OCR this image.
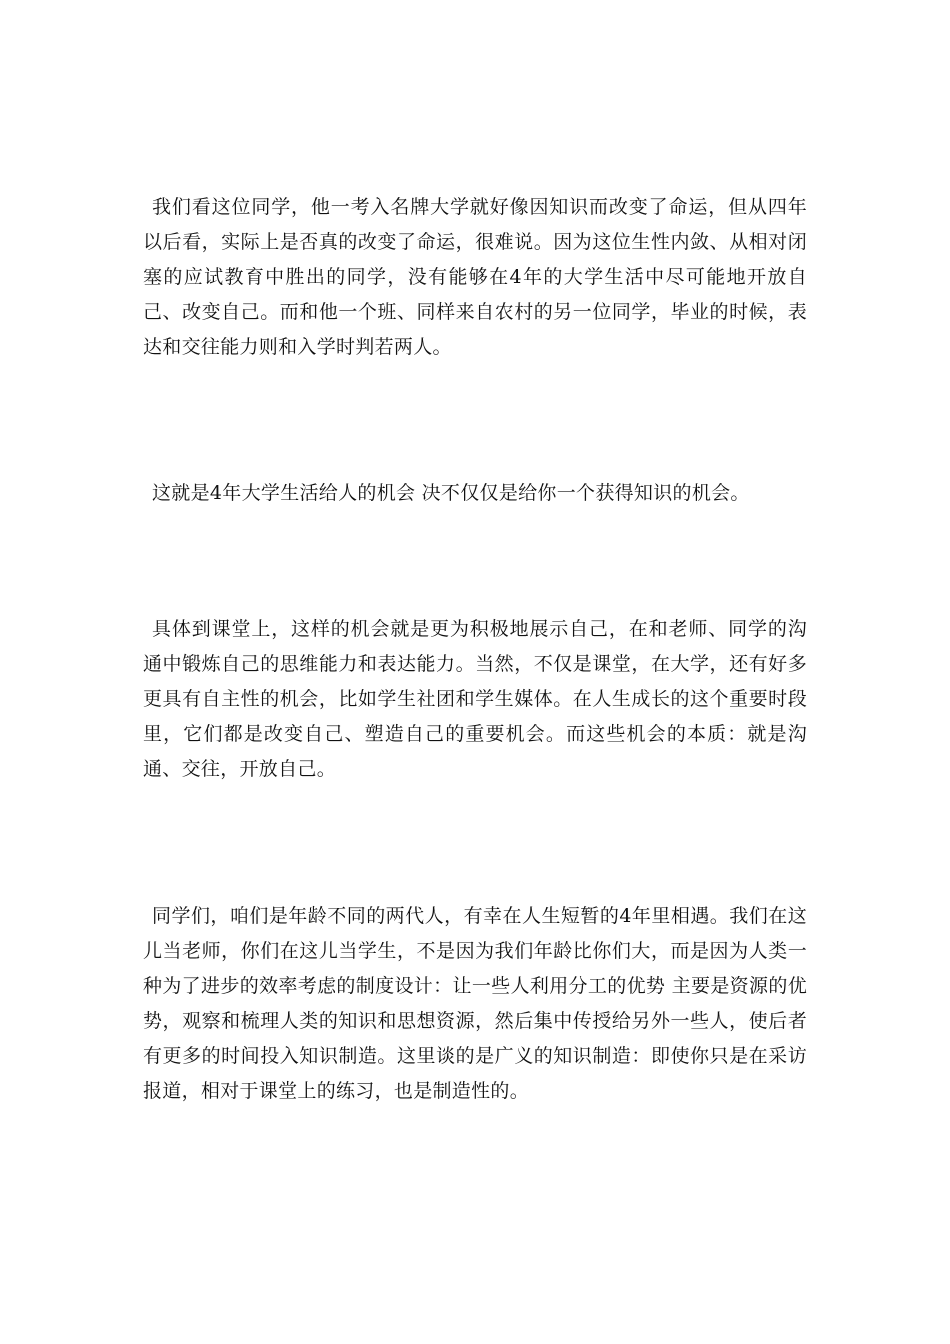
我们看这位同学，他一考入名牌大学就好像因知识而改变了命运，但从四年以后看，实际上是否真的改变了命运，很难说。因为这位生性内敛、从相对闭塞的应试教育中胜出的同学，没有能够在4年的大学生活中尽可能地开放自己、改变自己。而和他一个班、同样来自农村的另一位同学，毕业的时候，表达和交往能力则和入学时判若两人。

这就是4年大学生活给人的机会 决不仅仅是给你一个获得知识的机会。

具体到课堂上，这样的机会就是更为积极地展示自己，在和老师、同学的沟通中锻炼自己的思维能力和表达能力。当然，不仅是课堂，在大学，还有好多更具有自主性的机会，比如学生社团和学生媒体。在人生成长的这个重要时段里，它们都是改变自己、塑造自己的重要机会。而这些机会的本质：就是沟通、交往，开放自己。

同学们，咱们是年龄不同的两代人，有幸在人生短暂的4年里相遇。我们在这儿当老师，你们在这儿当学生，不是因为我们年龄比你们大，而是因为人类一种为了进步的效率考虑的制度设计：让一些人利用分工的优势 主要是资源的优势，观察和梳理人类的知识和思想资源，然后集中传授给另外一些人，使后者有更多的时间投入知识制造。这里谈的是广义的知识制造：即使你只是在采访报道，相对于课堂上的练习，也是制造性的。
